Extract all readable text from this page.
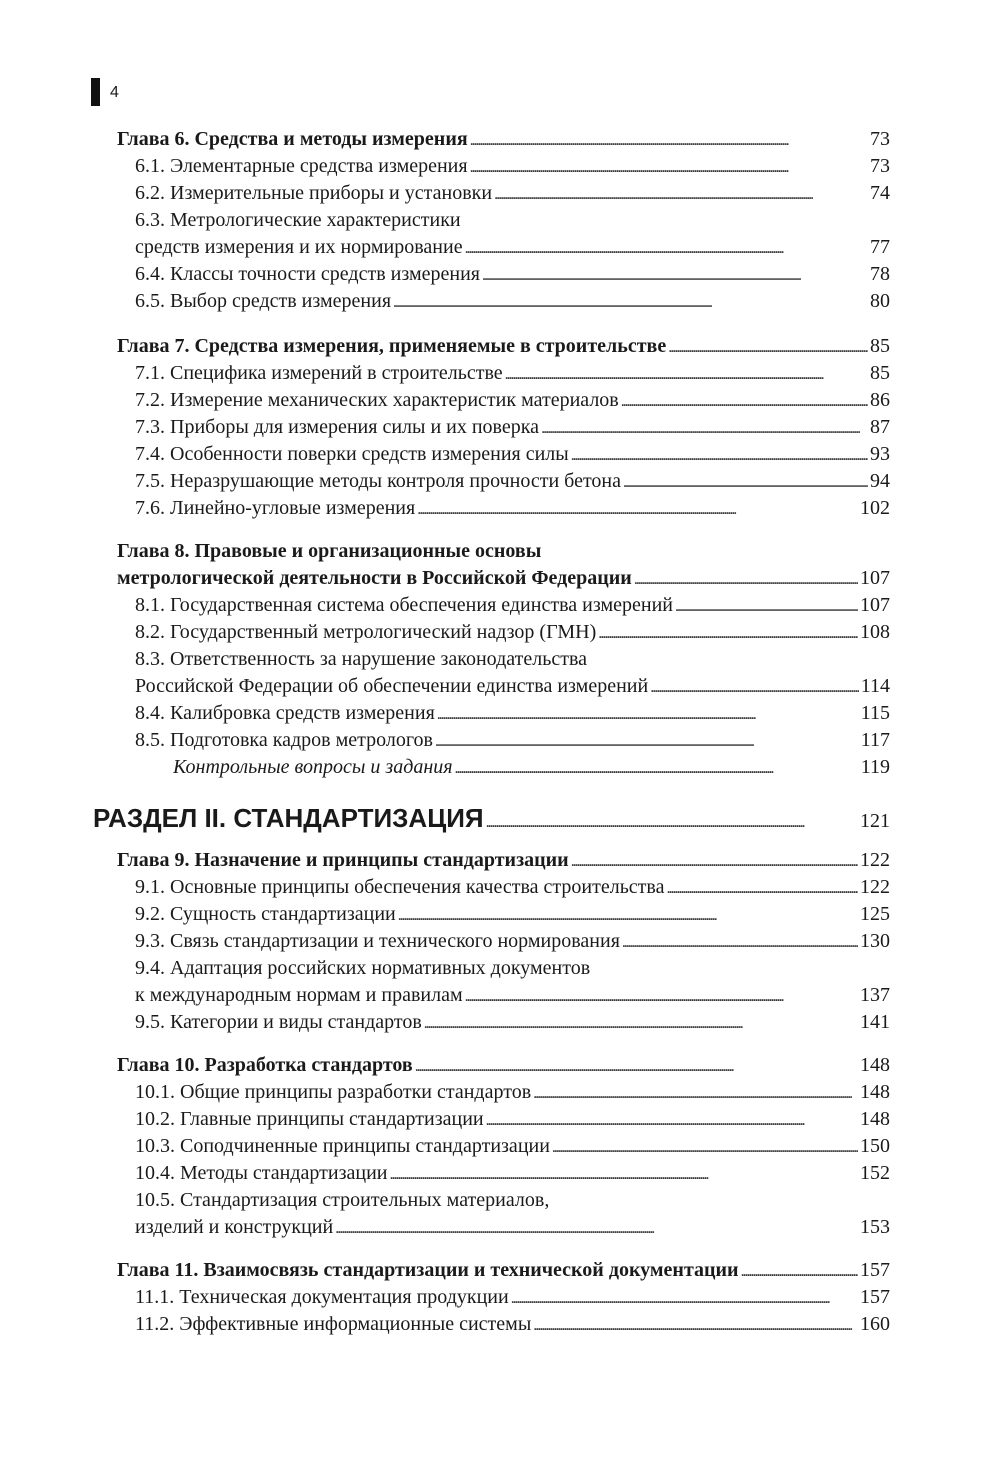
4
Глава 6. Средства и методы измерения . . .	73
6.1. Элементарные средства измерения . . .	73
6.2. Измерительные приборы и установки . . .	74
6.3. Метрологические характеристики
средств измерения и их нормирование . . .	77
6.4. Классы точности средств измерения . . .	78
6.5. Выбор средств измерения . . .	80
Глава 7. Средства измерения, применяемые в строительстве . . .	85
7.1. Специфика измерений в строительстве . . .	85
7.2. Измерение механических характеристик материалов . . .	86
7.3. Приборы для измерения силы и их поверка . . .	87
7.4. Особенности поверки средств измерения силы . . .	93
7.5. Неразрушающие методы контроля прочности бетона . . .	94
7.6. Линейно-угловые измерения . . .	102
Глава 8. Правовые и организационные основы
метрологической деятельности в Российской Федерации . . .	107
8.1. Государственная система обеспечения единства измерений . . .	107
8.2. Государственный метрологический надзор (ГМН) . . .	108
8.3. Ответственность за нарушение законодательства
Российской Федерации об обеспечении единства измерений . . .	114
8.4. Калибровка средств измерения . . .	115
8.5. Подготовка кадров метрологов . . .	117
Контрольные вопросы и задания . . .	119
РАЗДЕЛ II. СТАНДАРТИЗАЦИЯ . . .	121
Глава 9. Назначение и принципы стандартизации . . .	122
9.1. Основные принципы обеспечения качества строительства . . .	122
9.2. Сущность стандартизации . . .	125
9.3. Связь стандартизации и технического нормирования . . .	130
9.4. Адаптация российских нормативных документов
к международным нормам и правилам . . .	137
9.5. Категории и виды стандартов . . .	141
Глава 10. Разработка стандартов . . .	148
10.1. Общие принципы разработки стандартов . . .	148
10.2. Главные принципы стандартизации . . .	148
10.3. Соподчиненные принципы стандартизации . . .	150
10.4. Методы стандартизации . . .	152
10.5. Стандартизация строительных материалов,
изделий и конструкций . . .	153
Глава 11. Взаимосвязь стандартизации и технической документации . . .	157
11.1. Техническая документация продукции . . .	157
11.2. Эффективные информационные системы . . .	160
